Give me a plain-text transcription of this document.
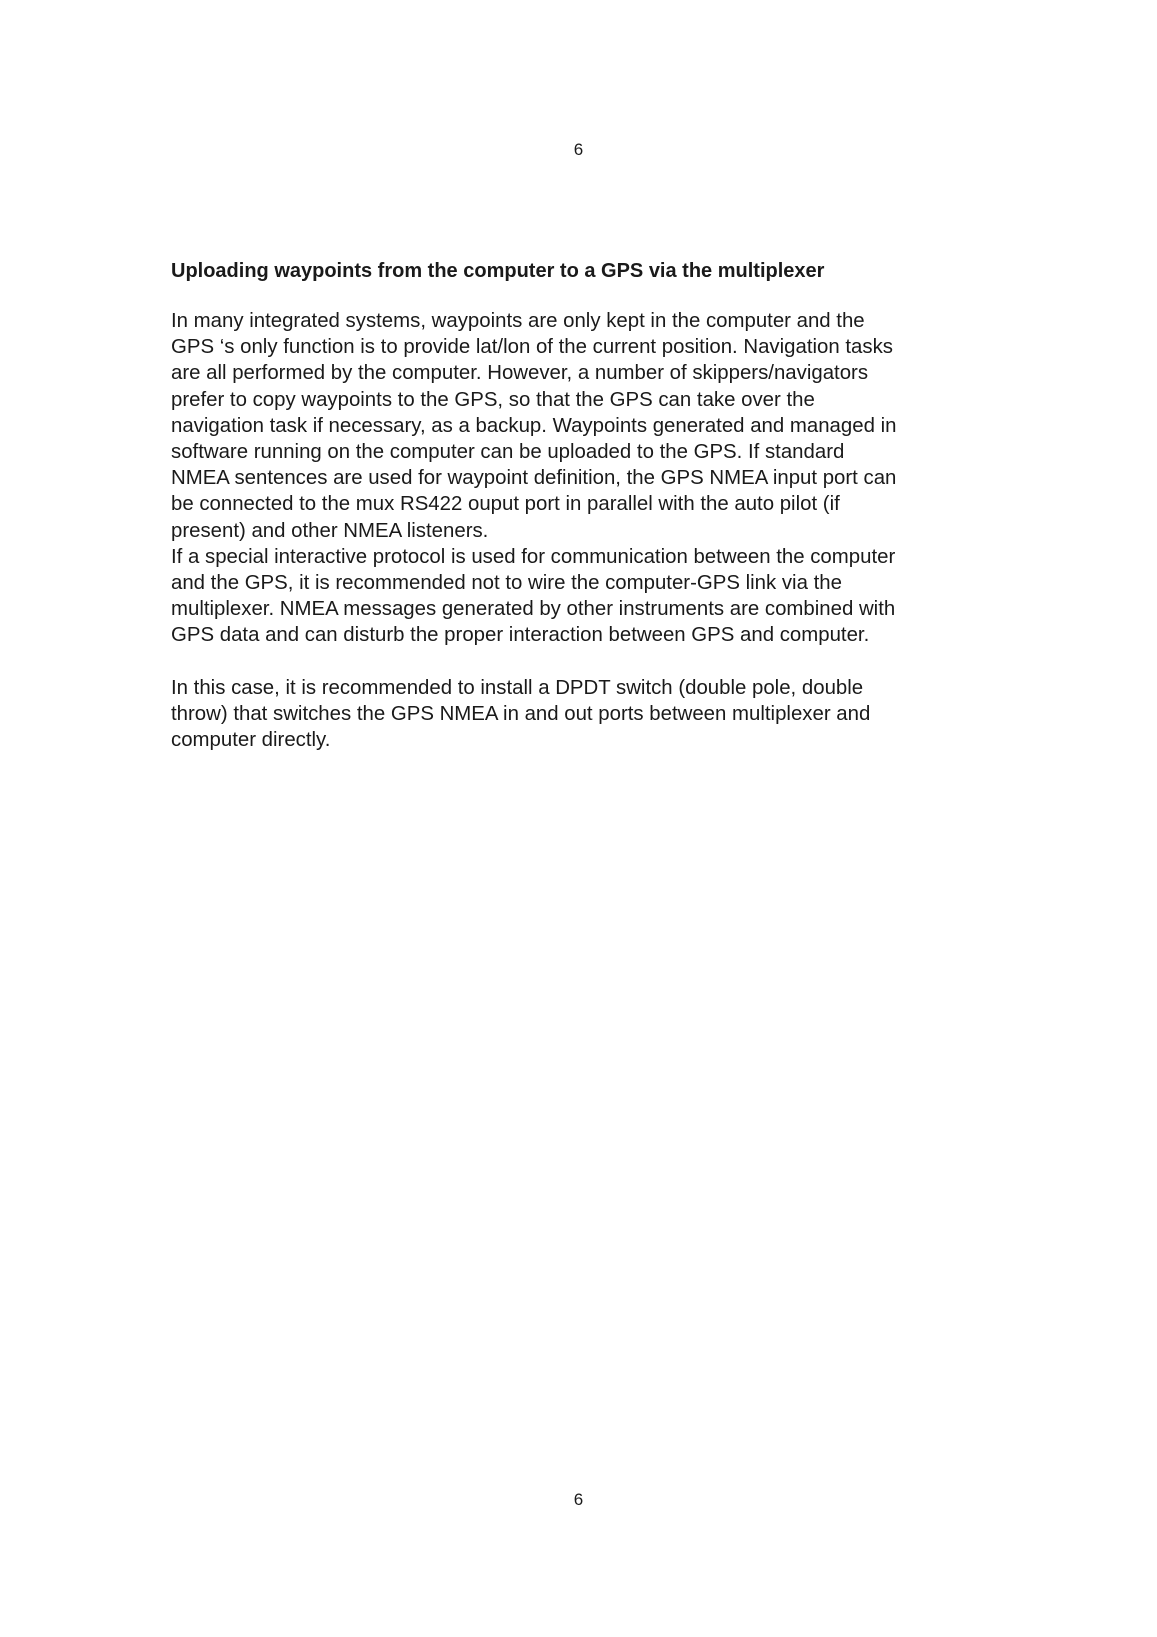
6
Uploading waypoints from the computer to a GPS via the multiplexer

In many integrated systems, waypoints are only kept in the computer and the
GPS ‘s only function is to provide lat/lon of the current position. Navigation tasks
are all performed by the computer. However, a number of skippers/navigators
prefer to copy waypoints to the GPS, so that the GPS can take over the
navigation task if necessary, as a backup. Waypoints generated and managed in
software running on the computer can be uploaded to the GPS. If standard
NMEA sentences are used for waypoint definition, the GPS NMEA input port can
be connected to the mux RS422 ouput port in parallel with the auto pilot (if
present) and other NMEA listeners.

If a special interactive protocol is used for communication between the computer
and the GPS, it is recommended not to wire the computer-GPS link via the
multiplexer. NMEA messages generated by other instruments are combined with
GPS data and can disturb the proper interaction between GPS and computer.

In this case, it is recommended to install a DPDT switch (double pole, double
throw) that switches the GPS NMEA in and out ports between multiplexer and
computer directly.

6
